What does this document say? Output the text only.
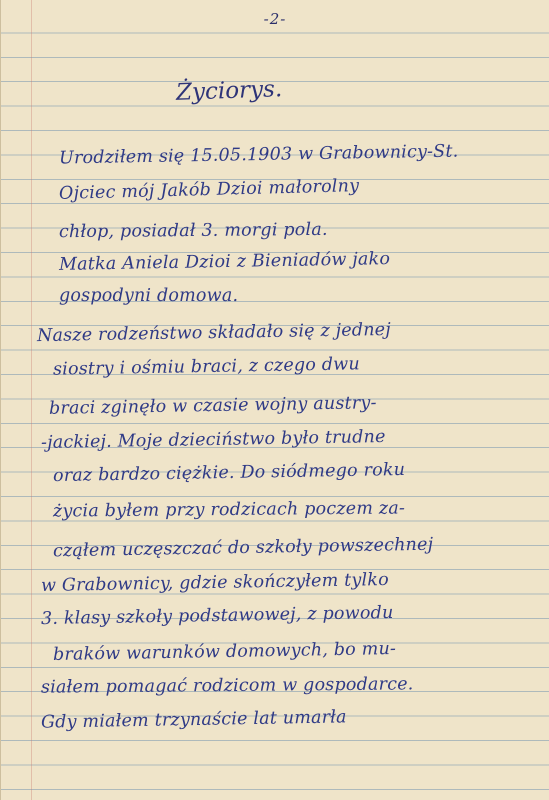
-2-
Życiorys.
Urodziłem się 15.05.1903 w Grabownicy-St.
Ojciec mój Jakób Dzioi małorolny
chłop, posiadał 3. morgi pola.
Matka Aniela Dzioi z Bieniadów jako
gospodyni domowa.
Nasze rodzeństwo składało się z jednej
siostry i ośmiu braci, z czego dwu
braci zginęło w czasie wojny austry-
-jackiej. Moje dzieciństwo było trudne
oraz bardzo ciężkie. Do siódmego roku
życia byłem przy rodzicach poczem za-
cząłem uczęszczać do szkoły powszechnej
w Grabownicy, gdzie skończyłem tylko
3. klasy szkoły podstawowej, z powodu
braków warunków domowych, bo mu-
siałem pomagać rodzicom w gospodarce.
Gdy miałem trzynaście lat umarła
